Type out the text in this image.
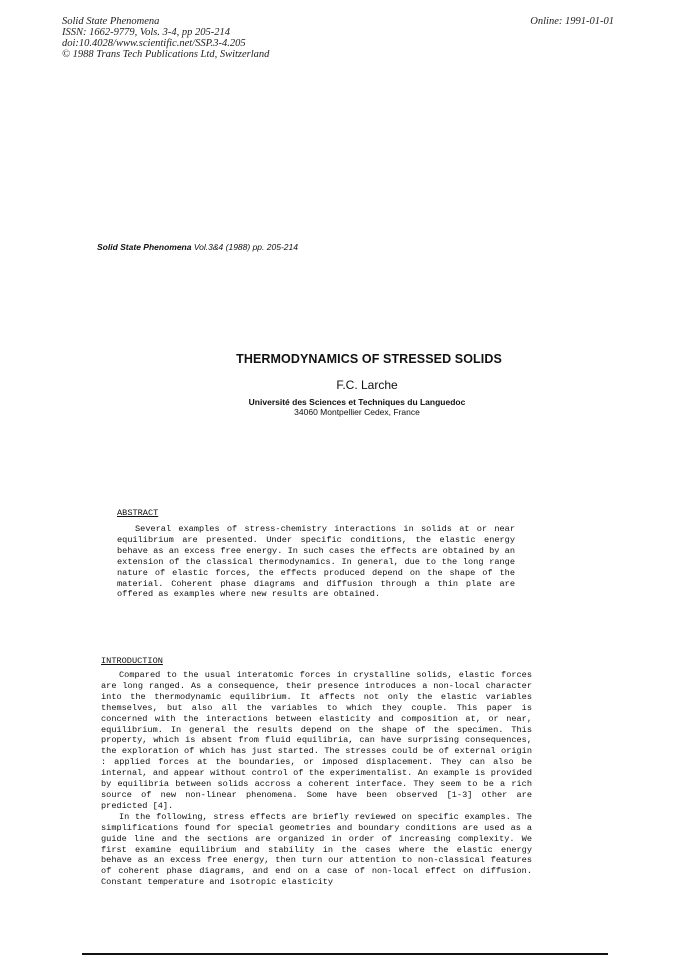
Solid State Phenomena
ISSN: 1662-9779, Vols. 3-4, pp 205-214
doi:10.4028/www.scientific.net/SSP.3-4.205
© 1988 Trans Tech Publications Ltd, Switzerland
Online: 1991-01-01
Solid State Phenomena Vol.3&4 (1988) pp. 205-214
THERMODYNAMICS OF STRESSED SOLIDS
F.C. Larche
Université des Sciences et Techniques du Languedoc
34060 Montpellier Cedex, France
ABSTRACT

Several examples of stress-chemistry interactions in solids at or near equilibrium are presented. Under specific conditions, the elastic energy behave as an excess free energy. In such cases the effects are obtained by an extension of the classical thermodynamics. In general, due to the long range nature of elastic forces, the effects produced depend on the shape of the material. Coherent phase diagrams and diffusion through a thin plate are offered as examples where new results are obtained.

INTRODUCTION

Compared to the usual interatomic forces in crystalline solids, elastic forces are long ranged. As a consequence, their presence introduces a non-local character into the thermodynamic equilibrium. It affects not only the elastic variables themselves, but also all the variables to which they couple. This paper is concerned with the interactions between elasticity and composition at, or near, equilibrium. In general the results depend on the shape of the specimen. This property, which is absent from fluid equilibria, can have surprising consequences, the exploration of which has just started. The stresses could be of external origin : applied forces at the boundaries, or imposed displacement. They can also be internal, and appear without control of the experimentalist. An example is provided by equilibria between solids accross a coherent interface. They seem to be a rich source of new non-linear phenomena. Some have been observed [1-3] other are predicted [4].

In the following, stress effects are briefly reviewed on specific examples. The simplifications found for special geometries and boundary conditions are used as a guide line and the sections are organized in order of increasing complexity. We first examine equilibrium and stability in the cases where the elastic energy behave as an excess free energy, then turn our attention to non-classical features of coherent phase diagrams, and end on a case of non-local effect on diffusion. Constant temperature and isotropic elasticity
